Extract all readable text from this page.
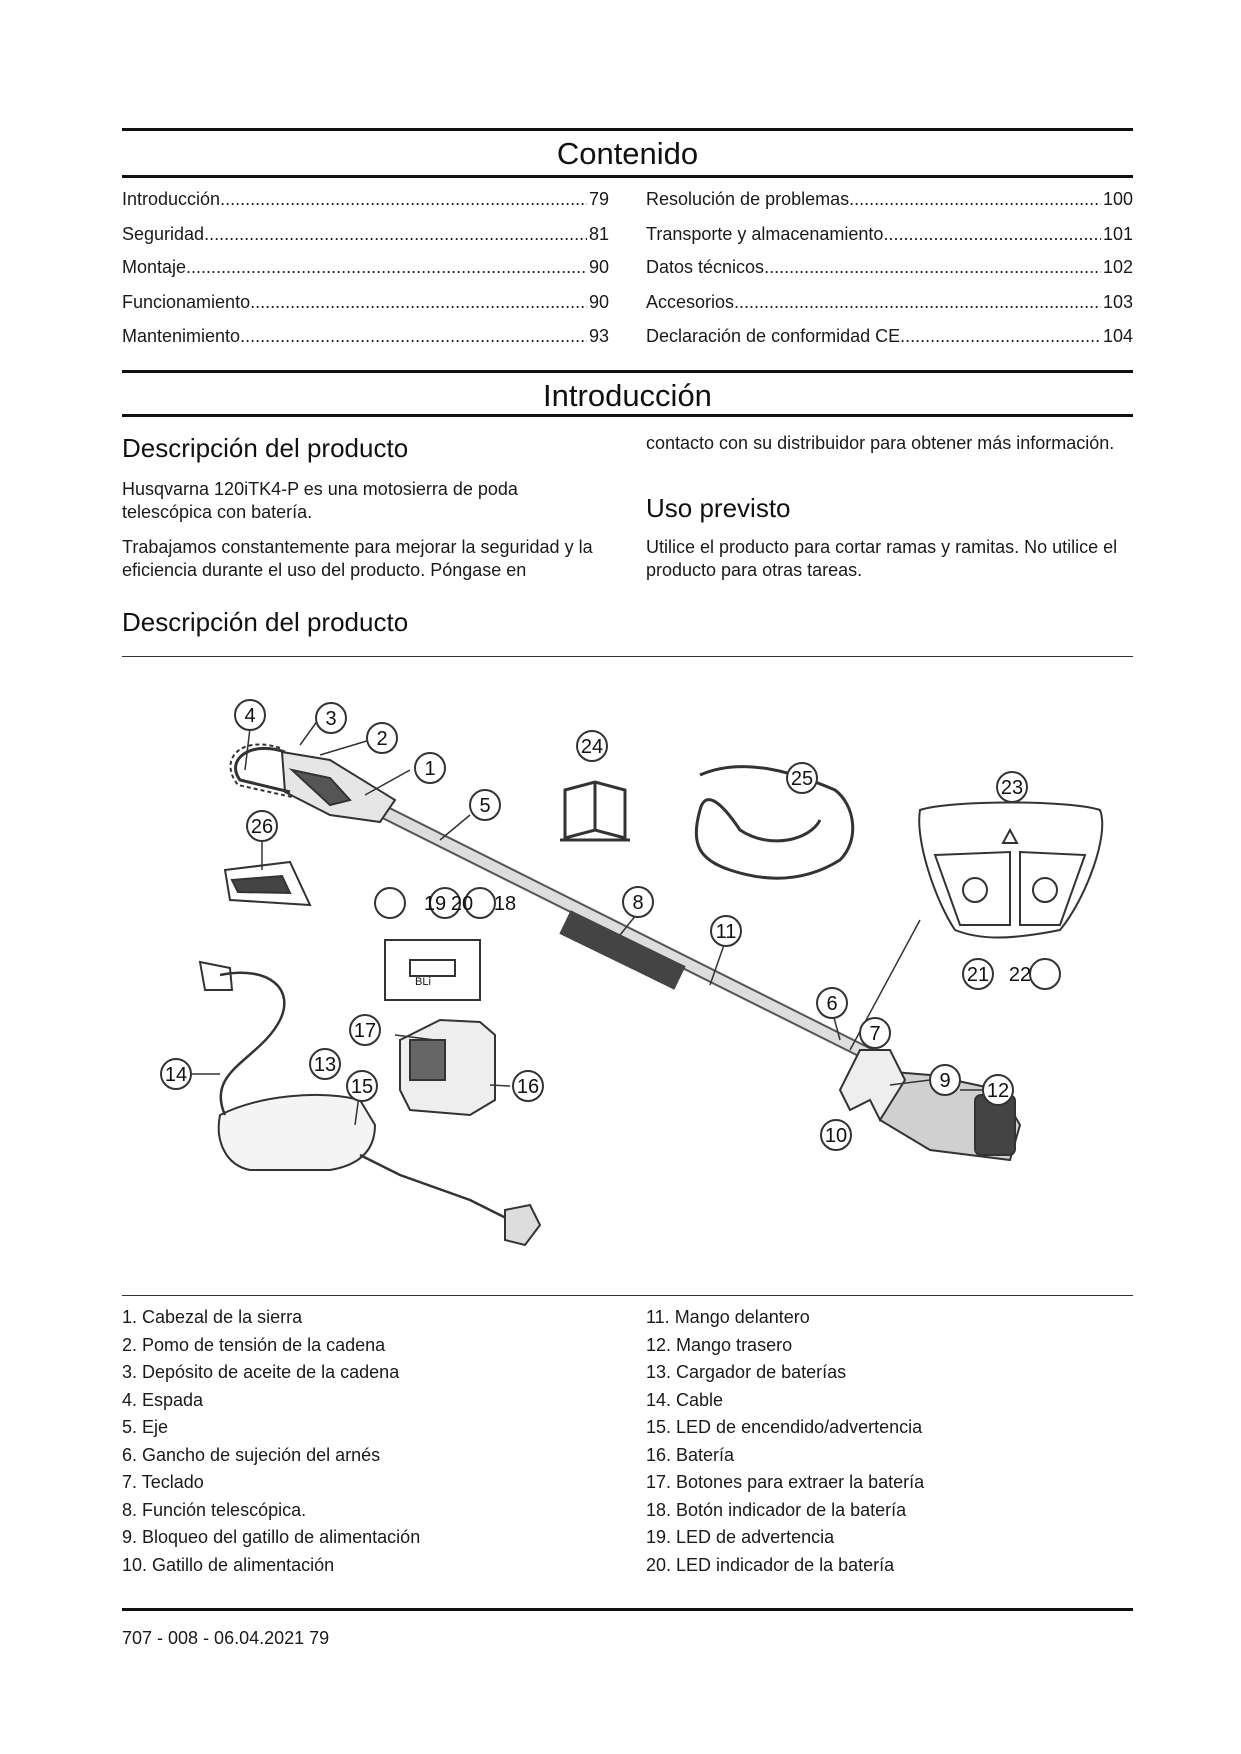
Contenido
Introducción .....	79
Seguridad .....	81
Montaje .....	90
Funcionamiento .....	90
Mantenimiento .....	93
Resolución de problemas .....	100
Transporte y almacenamiento .....	101
Datos técnicos .....	102
Accesorios .....	103
Declaración de conformidad CE .....	104
Introducción
Descripción del producto

Husqvarna 120iTK4-P es una motosierra de poda telescópica con batería.

Trabajamos constantemente para mejorar la seguridad y la eficiencia durante el uso del producto. Póngase en

contacto con su distribuidor para obtener más información.

Uso previsto

Utilice el producto para cortar ramas y ramitas. No utilice el producto para otras tareas.

Descripción del producto
1
2
3
4
5
6
7
8
9
10
11
12
13
14
15	16
17
18
19 20
21 22
23
24
25
26
BLi
1. Cabezal de la sierra
2. Pomo de tensión de la cadena
3. Depósito de aceite de la cadena
4. Espada
5. Eje
6. Gancho de sujeción del arnés
7. Teclado
8. Función telescópica.
9. Bloqueo del gatillo de alimentación
10. Gatillo de alimentación
11. Mango delantero
12. Mango trasero
13. Cargador de baterías
14. Cable
15. LED de encendido/advertencia
16. Batería
17. Botones para extraer la batería
18. Botón indicador de la batería
19. LED de advertencia
20. LED indicador de la batería
707 - 008 - 06.04.2021 79
